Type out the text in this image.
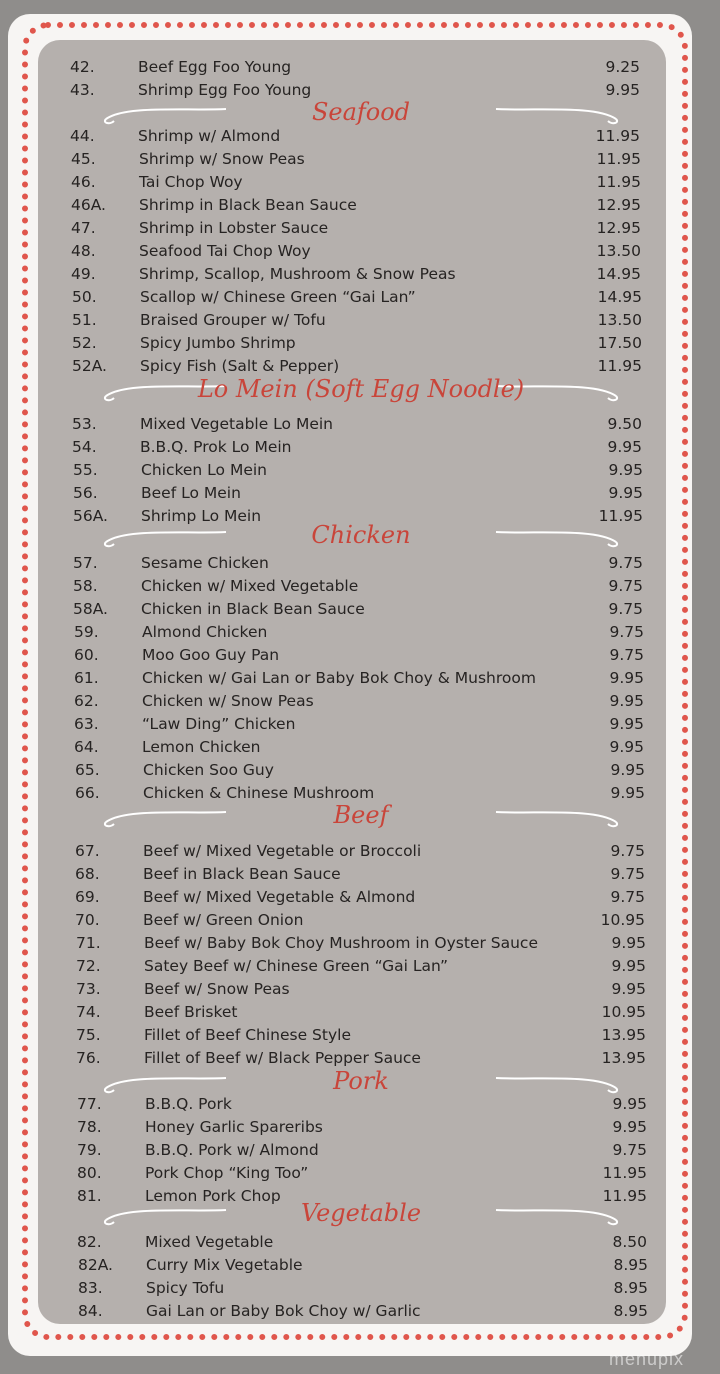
Seafood
Lo Mein (Soft Egg Noodle)
Chicken
Beef
Pork
Vegetable
42.	Beef Egg Foo Young	9.25
43.	Shrimp Egg Foo Young	9.95
44.	Shrimp w/ Almond	11.95
45.	Shrimp w/ Snow Peas	11.95
46.	Tai Chop Woy	11.95
46A. Shrimp in Black Bean Sauce	12.95
47.	Shrimp in Lobster Sauce	12.95
48.	Seafood Tai Chop Woy	13.50
49.	Shrimp, Scallop, Mushroom & Snow Peas	14.95
50.	Scallop w/ Chinese Green “Gai Lan”	14.95
51.	Braised Grouper w/ Tofu	13.50
52.	Spicy Jumbo Shrimp	17.50
52A. Spicy Fish (Salt & Pepper)	11.95
53.	Mixed Vegetable Lo Mein	9.50
54.	B.B.Q. Prok Lo Mein	9.95
55.	Chicken Lo Mein	9.95
56.	Beef Lo Mein	9.95
56A. Shrimp Lo Mein	11.95
57.	Sesame Chicken	9.75
58.	Chicken w/ Mixed Vegetable	9.75
58A. Chicken in Black Bean Sauce	9.75
59.	Almond Chicken	9.75
60.	Moo Goo Guy Pan	9.75
61.	Chicken w/ Gai Lan or Baby Bok Choy & Mushroom	9.95
62.	Chicken w/ Snow Peas	9.95
63.	“Law Ding” Chicken	9.95
64.	Lemon Chicken	9.95
65.	Chicken Soo Guy	9.95
66.	Chicken & Chinese Mushroom	9.95
67.	Beef w/ Mixed Vegetable or Broccoli	9.75
68.	Beef in Black Bean Sauce	9.75
69.	Beef w/ Mixed Vegetable & Almond	9.75
70.	Beef w/ Green Onion	10.95
71.	Beef w/ Baby Bok Choy Mushroom in Oyster Sauce	9.95
72.	Satey Beef w/ Chinese Green “Gai Lan”	9.95
73.	Beef w/ Snow Peas	9.95
74.	Beef Brisket	10.95
75.	Fillet of Beef Chinese Style	13.95
76.	Fillet of Beef w/ Black Pepper Sauce	13.95
77.	B.B.Q. Pork	9.95
78.	Honey Garlic Spareribs	9.95
79.	B.B.Q. Pork w/ Almond	9.75
80.	Pork Chop “King Too”	11.95
81.	Lemon Pork Chop	11.95
82.	Mixed Vegetable	8.50
82A. Curry Mix Vegetable	8.95
83.	Spicy Tofu	8.95
84.	Gai Lan or Baby Bok Choy w/ Garlic	8.95
menupix
